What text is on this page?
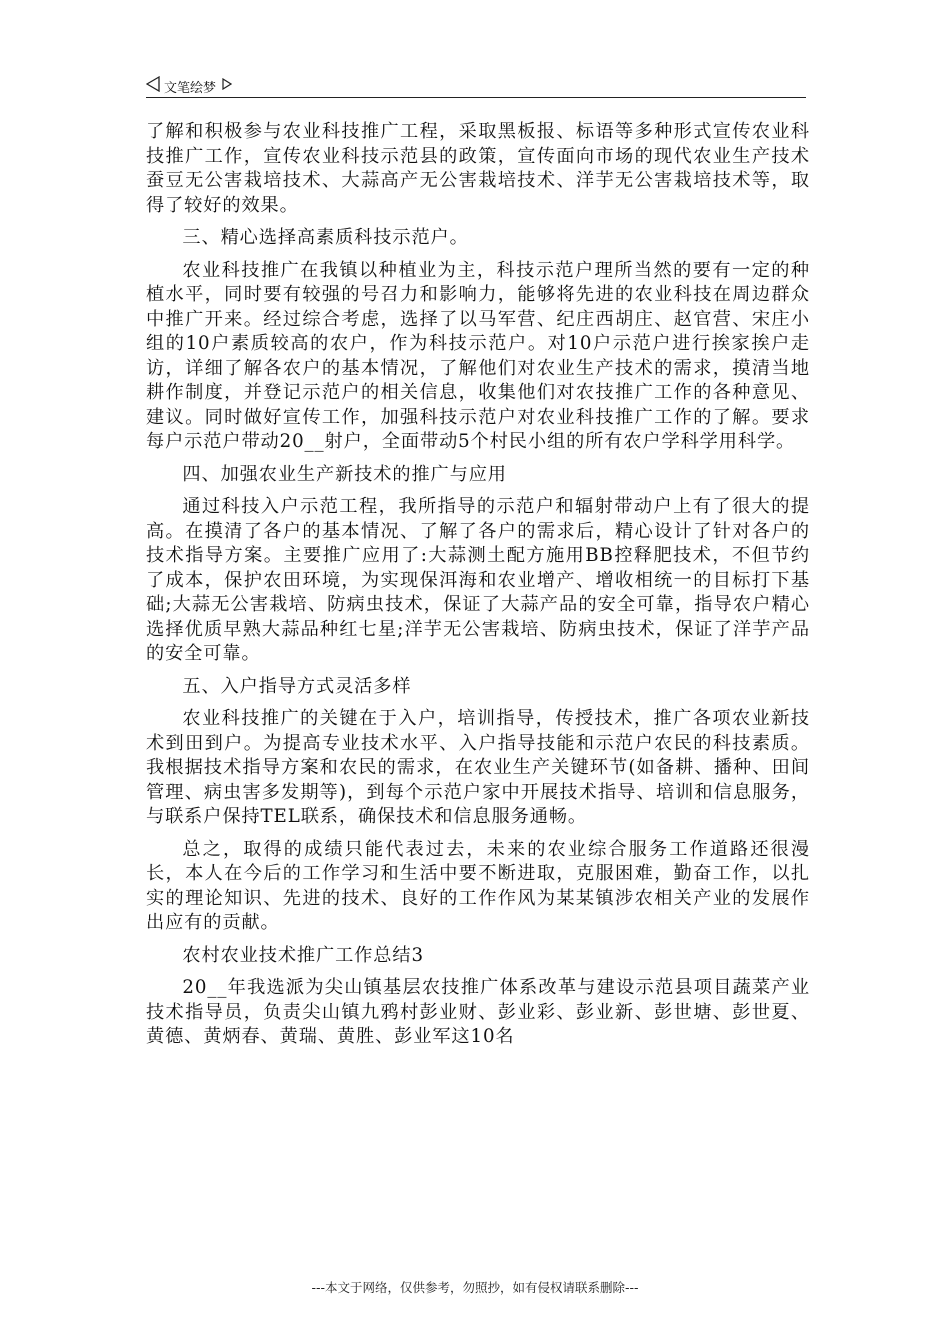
文笔绘梦

了解和积极参与农业科技推广工程，采取黑板报、标语等多种形式宣传农业科技推广工作，宣传农业科技示范县的政策，宣传面向市场的现代农业生产技术蚕豆无公害栽培技术、大蒜高产无公害栽培技术、洋芋无公害栽培技术等，取得了较好的效果。

三、精心选择高素质科技示范户。

农业科技推广在我镇以种植业为主，科技示范户理所当然的要有一定的种植水平，同时要有较强的号召力和影响力，能够将先进的农业科技在周边群众中推广开来。经过综合考虑，选择了以马军营、纪庄西胡庄、赵官营、宋庄小组的10户素质较高的农户，作为科技示范户。对10户示范户进行挨家挨户走访，详细了解各农户的基本情况，了解他们对农业生产技术的需求，摸清当地耕作制度，并登记示范户的相关信息，收集他们对农技推广工作的各种意见、建议。同时做好宣传工作，加强科技示范户对农业科技推广工作的了解。要求每户示范户带动20__射户，全面带动5个村民小组的所有农户学科学用科学。

四、加强农业生产新技术的推广与应用

通过科技入户示范工程，我所指导的示范户和辐射带动户上有了很大的提高。在摸清了各户的基本情况、了解了各户的需求后，精心设计了针对各户的技术指导方案。主要推广应用了:大蒜测土配方施用BB控释肥技术，不但节约了成本，保护农田环境，为实现保洱海和农业增产、增收相统一的目标打下基础;大蒜无公害栽培、防病虫技术，保证了大蒜产品的安全可靠，指导农户精心选择优质早熟大蒜品种红七星;洋芋无公害栽培、防病虫技术，保证了洋芋产品的安全可靠。

五、入户指导方式灵活多样

农业科技推广的关键在于入户，培训指导，传授技术，推广各项农业新技术到田到户。为提高专业技术水平、入户指导技能和示范户农民的科技素质。我根据技术指导方案和农民的需求，在农业生产关键环节(如备耕、播种、田间管理、病虫害多发期等)，到每个示范户家中开展技术指导、培训和信息服务，与联系户保持TEL联系，确保技术和信息服务通畅。

总之，取得的成绩只能代表过去，未来的农业综合服务工作道路还很漫长，本人在今后的工作学习和生活中要不断进取，克服困难，勤奋工作，以扎实的理论知识、先进的技术、良好的工作作风为某某镇涉农相关产业的发展作出应有的贡献。

农村农业技术推广工作总结3

20__年我选派为尖山镇基层农技推广体系改革与建设示范县项目蔬菜产业技术指导员，负责尖山镇九鸦村彭业财、彭业彩、彭业新、彭世塘、彭世夏、黄德、黄炳春、黄瑞、黄胜、彭业军这10名

---本文于网络，仅供参考，勿照抄，如有侵权请联系删除---
